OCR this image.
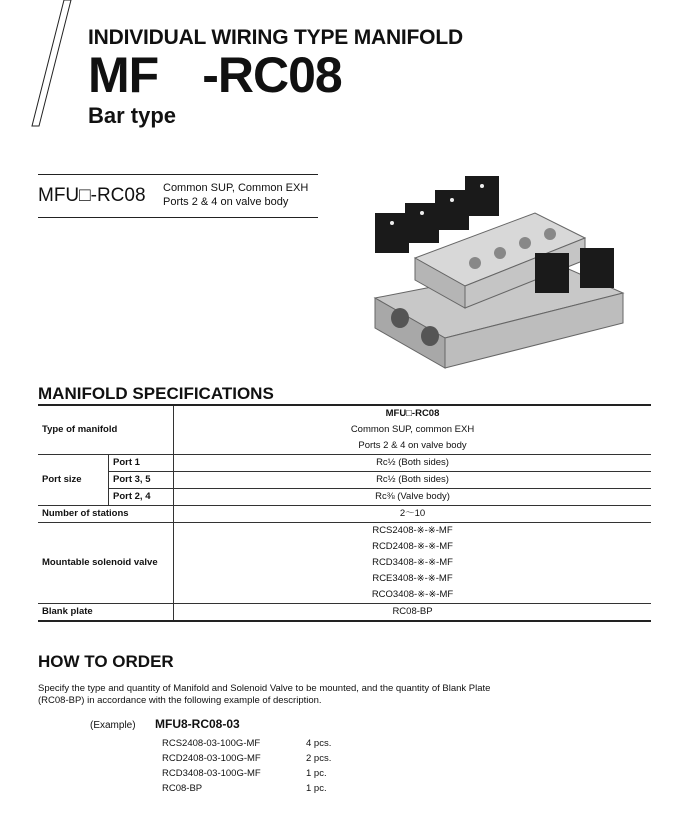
INDIVIDUAL WIRING TYPE MANIFOLD
MF -RC08
Bar type
MFU□-RC08 Common SUP, Common EXH
Ports 2 & 4 on valve body
MANIFOLD SPECIFICATIONS
Type of manifold		MFU□-RC08
		Common SUP, common EXH
		Ports 2 & 4 on valve body
Port size	Port 1	Rc½ (Both sides)
	Port 3, 5	Rc½ (Both sides)
	Port 2, 4	Rc⅜ (Valve body)
Number of stations		2～10
Mountable solenoid valve		RCS2408-※-※-MF
		RCD2408-※-※-MF
		RCD3408-※-※-MF
		RCE3408-※-※-MF
		RCO3408-※-※-MF
Blank plate		RC08-BP
HOW TO ORDER
Specify the type and quantity of Manifold and Solenoid Valve to be mounted, and the quantity of Blank Plate (RC08-BP) in accordance with the following example of description.
(Example) MFU8-RC08-03
RCS2408-03-100G-MF	4 pcs.
RCD2408-03-100G-MF	2 pcs.
RCD3408-03-100G-MF	1 pc.
RC08-BP	1 pc.
